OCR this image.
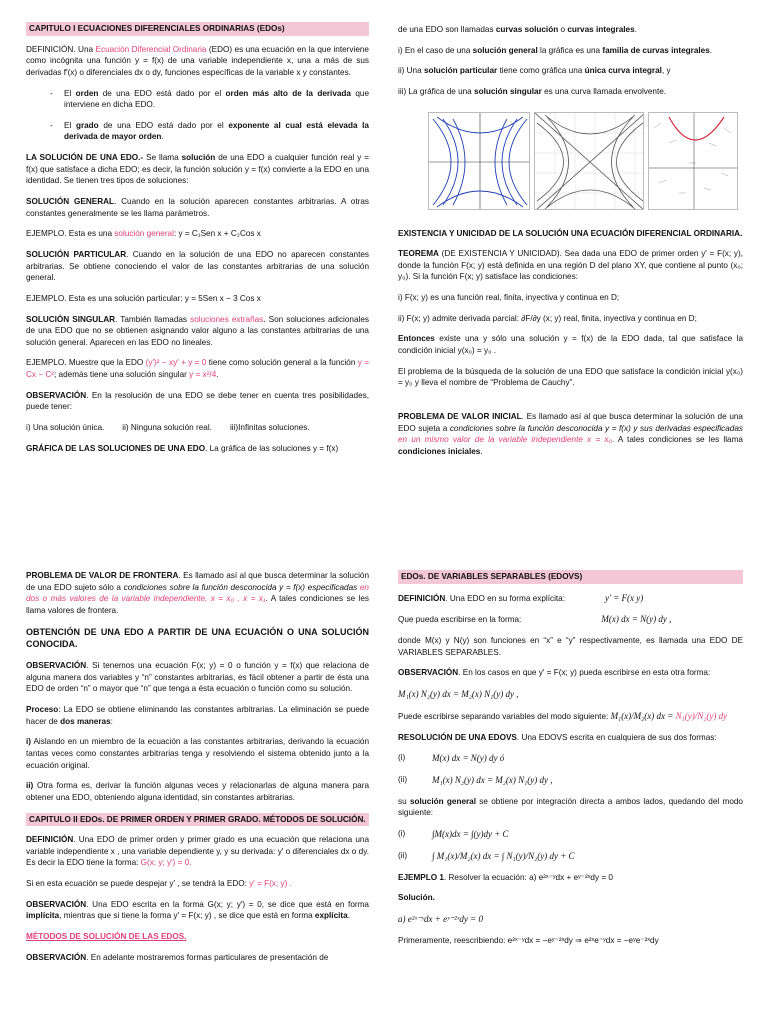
CAPITULO I ECUACIONES DIFERENCIALES ORDINARIAS (EDOs)

DEFINICIÓN. Una Ecuación Diferencial Ordinaria (EDO) es una ecuación en la que interviene como incógnita una función y = f(x) de una variable independiente x, una a más de sus derivadas f′(x) o diferenciales dx o dy, funciones específicas de la variable x y constantes.

- El orden de una EDO está dado por el orden más alto de la derivada que interviene en dicha EDO.

- El grado de una EDO está dado por el exponente al cual está elevada la derivada de mayor orden.

LA SOLUCIÓN DE UNA EDO.- Se llama solución de una EDO a cualquier función real y = f(x) que satisface a dicha EDO; es decir, la función solución y = f(x) convierte a la EDO en una identidad. Se tienen tres tipos de soluciones:

SOLUCIÓN GENERAL. Cuando en la solución aparecen constantes arbitrarias. A otras constantes generalmente se les llama parámetros.

EJEMPLO. Esta es una solución general: y = C₁Sen x + C₂Cos x

SOLUCIÓN PARTICULAR. Cuando en la solución de una EDO no aparecen constantes arbitrarias. Se obtiene conociendo el valor de las constantes arbitrarias de una solución general.

EJEMPLO. Esta es una solución particular: y = 5Sen x − 3 Cos x

SOLUCIÓN SINGULAR. También llamadas soluciones extrañas. Son soluciones adicionales de una EDO que no se obtienen asignando valor alguno a las constantes arbitrarias de una solución general. Aparecen en las EDO no lineales.

EJEMPLO. Muestre que la EDO (y′)² − xy′ + y = 0 tiene como solución general a la función y = Cx − C²; además tiene una solución singular y = x²/4.

OBSERVACIÓN. En la resolución de una EDO se debe tener en cuenta tres posibilidades, puede tener:

i) Una solución única. ii) Ninguna solución real. iii)Infinitas soluciones.

GRÁFICA DE LAS SOLUCIONES DE UNA EDO. La gráfica de las soluciones y = f(x)

de una EDO son llamadas curvas solución o curvas integrales.

i) En el caso de una solución general la gráfica es una familia de curvas integrales.

ii) Una solución particular tiene como gráfica una única curva integral, y

iii) La gráfica de una solución singular es una curva llamada envolvente.

EXISTENCIA Y UNICIDAD DE LA SOLUCIÓN UNA ECUACIÓN DIFERENCIAL ORDINARIA.

TEOREMA (DE EXISTENCIA Y UNICIDAD). Sea dada una EDO de primer orden y′ = F(x; y), donde la función F(x; y) está definida en una región D del plano XY, que contiene al punto (x₀; y₀). Si la función F(x; y) satisface las condiciones:

i) F(x; y) es una función real, finita, inyectiva y continua en D;

ii) F(x; y) admite derivada parcial: ∂F/∂y (x; y) real, finita, inyectiva y continua en D;

Entonces existe una y sólo una solución y = f(x) de la EDO dada, tal que satisface la condición inicial y(x₀) = y₀ .

El problema de la búsqueda de la solución de una EDO que satisface la condición inicial y(x₀) = y₀ y lleva el nombre de “Problema de Cauchy”.

PROBLEMA DE VALOR INICIAL. Es llamado así al que busca determinar la solución de una EDO sujeta a condiciones sobre la función desconocida y = f(x) y sus derivadas especificadas en un mismo valor de la variable independiente x = x₀. A tales condiciones se les llama condiciones iniciales.

PROBLEMA DE VALOR DE FRONTERA. Es llamado así al que busca determinar la solución de una EDO sujeto sólo a condiciones sobre la función desconocida y = f(x) especificadas en dos o más valores de la variable independiente, x = x₀ , x = x₁. A tales condiciones se les llama valores de frontera.

OBTENCIÓN DE UNA EDO A PARTIR DE UNA ECUACIÓN O UNA SOLUCIÓN CONOCIDA.

OBSERVACIÓN. Si tenemos una ecuación F(x; y) = 0 o función y = f(x) que relaciona de alguna manera dos variables y “n” constantes arbitrarias, es fácil obtener a partir de ésta una EDO de orden “n” o mayor que “n” que tenga a ésta ecuación o función como su solución.

Proceso: La EDO se obtiene eliminando las constantes arbitrarias. La eliminación se puede hacer de dos maneras:

i) Aislando en un miembro de la ecuación a las constantes arbitrarias, derivando la ecuación tantas veces como constantes arbitrarias tenga y resolviendo el sistema obtenido junto a la ecuación original.

ii) Otra forma es, derivar la función algunas veces y relacionarlas de alguna manera para obtener una EDO, obteniendo alguna identidad, sin constantes arbitrarias.

CAPITULO II EDOs. DE PRIMER ORDEN Y PRIMER GRADO. MÉTODOS DE SOLUCIÓN.

DEFINICIÓN. Una EDO de primer orden y primer grado es una ecuación que relaciona una variable independiente x , una variable dependiente y, y su derivada: y′ o diferenciales dx o dy. Es decir la EDO tiene la forma: G(x; y; y′) = 0.

Si en esta ecuación se puede despejar y′ , se tendrá la EDO: y′ = F(x; y) .

OBSERVACIÓN. Una EDO escrita en la forma G(x; y; y′) = 0, se dice que está en forma implícita, mientras que si tiene la forma y′ = F(x; y) , se dice que está en forma explícita.

MÉTODOS DE SOLUCIÓN DE LAS EDOS.

OBSERVACIÓN. En adelante mostraremos formas particulares de presentación de

EDOs. DE VARIABLES SEPARABLES (EDOVS)

DEFINICIÓN. Una EDO en su forma explícita:	y′ = F(x y)

Que pueda escribirse en la forma:	M(x) dx = N(y) dy ,

donde M(x) y N(y) son funciones en “x” e “y” respectivamente, es llamada una EDO DE VARIABLES SEPARABLES.

OBSERVACIÓN. En los casos en que y′ = F(x; y) pueda escribirse en esta otra forma:

M₁(x) N₂(y) dx = M₂(x) N₁(y) dy ,

Puede escribirse separando variables del modo siguiente: M₁(x)/M₂(x) dx = N₁(y)/N₂(y) dy

RESOLUCIÓN DE UNA EDOVS. Una EDOVS escrita en cualquiera de sus dos formas:

(i)	M(x) dx = N(y) dy ó
(ii)	M₁(x) N₂(y) dx = M₂(x) N₁(y) dy ,

su solución general se obtiene por integración directa a ambos lados, quedando del modo siguiente:

(i)	∫M(x)dx = ∫(y)dy + C
(ii)	∫ M₁(x)/M₂(x) dx = ∫ N₁(y)/N₂(y) dy + C

EJEMPLO 1. Resolver la ecuación: a) e²ˣ⁻ʸdx + eʸ⁻²ˣdy = 0

Solución.

a) e²ˣ⁻ʸdx + eʸ⁻²ˣdy = 0

Primeramente, reescribiendo: e²ˣ⁻ʸdx = −eʸ⁻²ˣdy ⇒ e²ˣe⁻ʸdx = −eʸe⁻²ˣdy
